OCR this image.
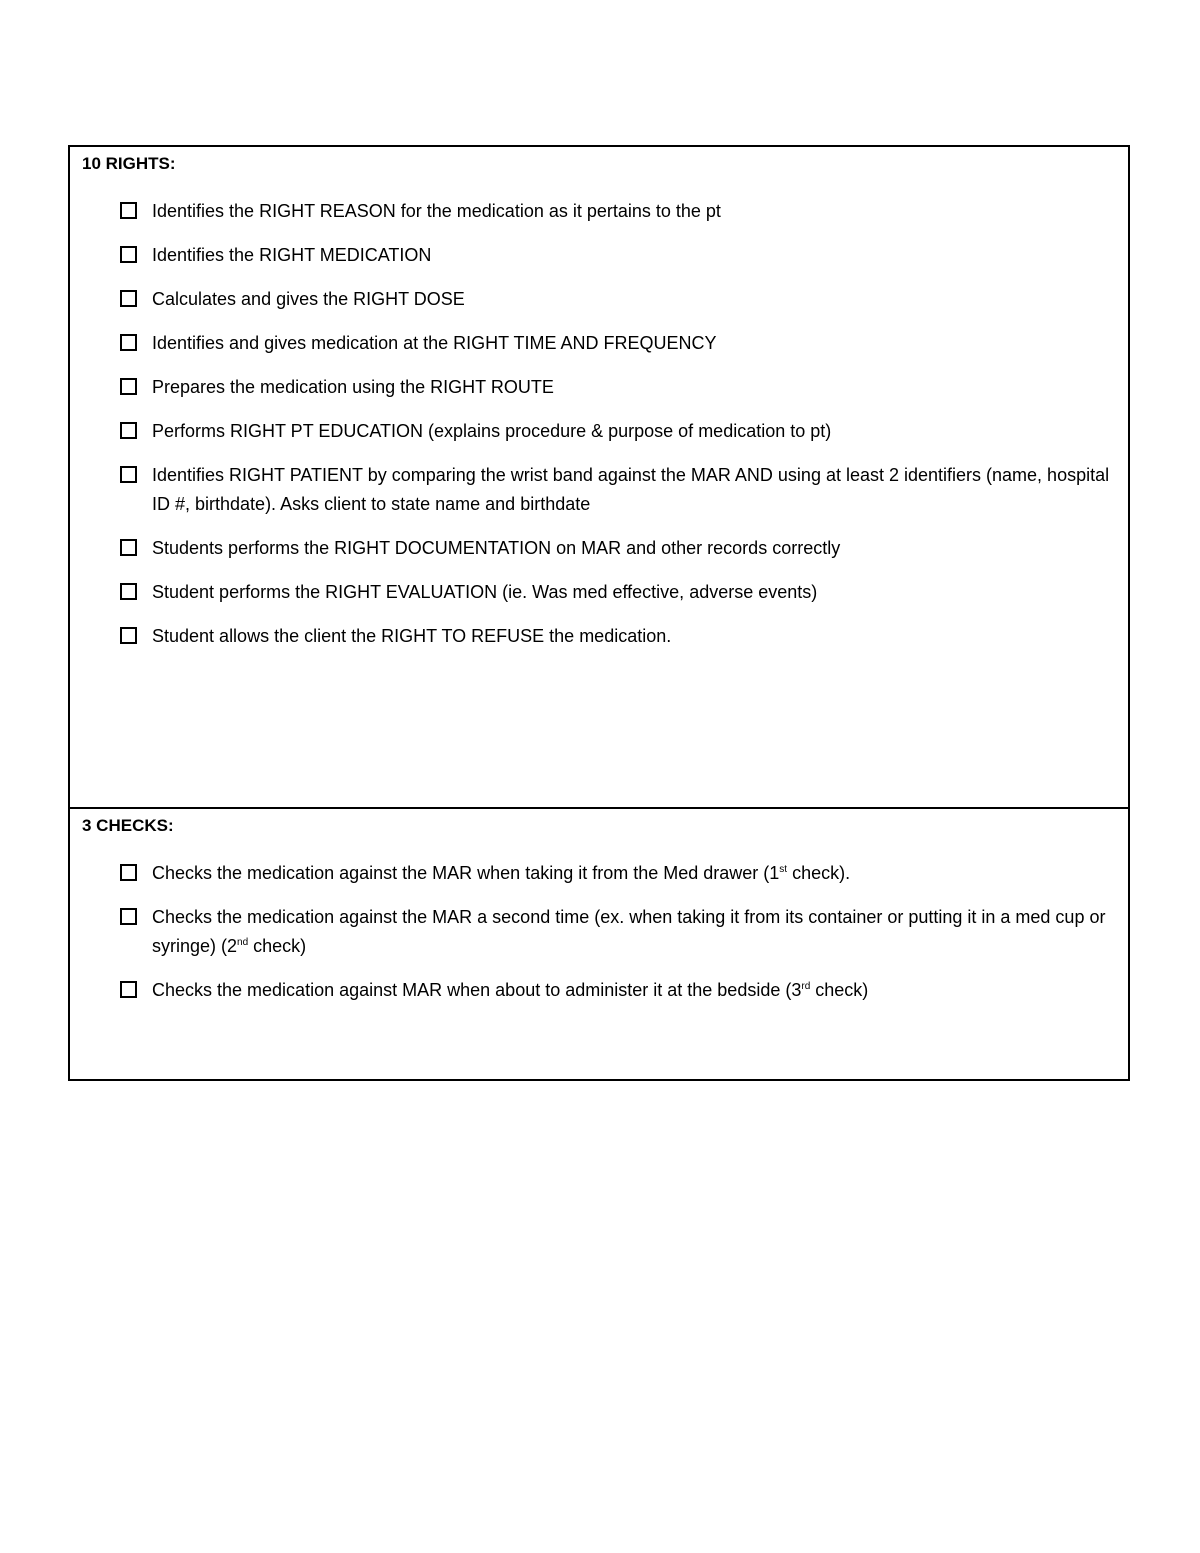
10 RIGHTS:

Identifies the RIGHT REASON for the medication as it pertains to the pt
Identifies the RIGHT MEDICATION
Calculates and gives the RIGHT DOSE
Identifies and gives medication at the RIGHT TIME AND FREQUENCY
Prepares the medication using the RIGHT ROUTE
Performs RIGHT PT EDUCATION (explains procedure & purpose of medication to pt)
Identifies RIGHT PATIENT by comparing the wrist band against the MAR AND using at least 2 identifiers (name, hospital ID #, birthdate). Asks client to state name and birthdate
Students performs the RIGHT DOCUMENTATION on MAR and other records correctly
Student performs the RIGHT EVALUATION (ie. Was med effective, adverse events)
Student allows the client the RIGHT TO REFUSE the medication.

3 CHECKS:

Checks the medication against the MAR when taking it from the Med drawer (1st check).
Checks the medication against the MAR a second time (ex. when taking it from its container or putting it in a med cup or syringe) (2nd check)
Checks the medication against MAR when about to administer it at the bedside (3rd check)
